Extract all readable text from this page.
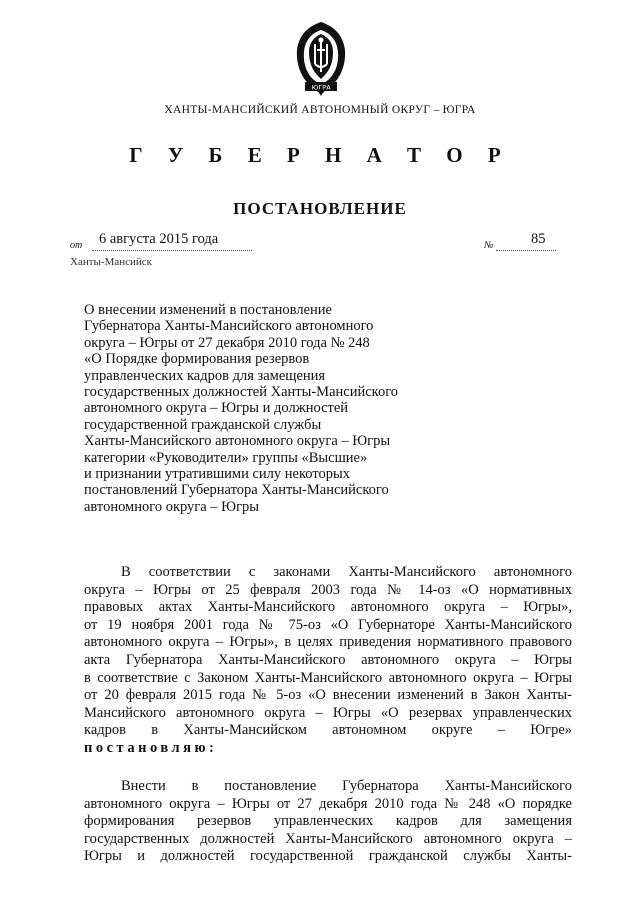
ЮГРА
ХАНТЫ-МАНСИЙСКИЙ АВТОНОМНЫЙ ОКРУГ – ЮГРА
Г У Б Е Р Н А Т О Р
ПОСТАНОВЛЕНИЕ
от 6 августа 2015 года	№	85
Ханты-Мансийск
О внесении изменений в постановление
Губернатора Ханты-Мансийского автономного
округа – Югры от 27 декабря 2010 года № 248
«О Порядке формирования резервов
управленческих кадров для замещения
государственных должностей Ханты-Мансийского
автономного округа – Югры и должностей
государственной гражданской службы
Ханты-Мансийского автономного округа – Югры
категории «Руководители» группы «Высшие»
и признании утратившими силу некоторых
постановлений Губернатора Ханты-Мансийского
автономного округа – Югры
В соответствии с законами Ханты-Мансийского автономного
округа – Югры от 25 февраля 2003 года № 14-оз «О нормативных
правовых актах Ханты-Мансийского автономного округа – Югры»,
от 19 ноября 2001 года № 75-оз «О Губернаторе Ханты-Мансийского
автономного округа – Югры», в целях приведения нормативного правового
акта Губернатора Ханты-Мансийского автономного округа – Югры
в соответствие с Законом Ханты-Мансийского автономного округа – Югры
от 20 февраля 2015 года № 5-оз «О внесении изменений в Закон Ханты-
Мансийского автономного округа – Югры «О резервах управленческих
кадров в Ханты-Мансийском автономном округе – Югре»
постановляю:
Внести в постановление Губернатора Ханты-Мансийского
автономного округа – Югры от 27 декабря 2010 года № 248 «О порядке
формирования резервов управленческих кадров для замещения
государственных должностей Ханты-Мансийского автономного округа –
Югры и должностей государственной гражданской службы Ханты-
